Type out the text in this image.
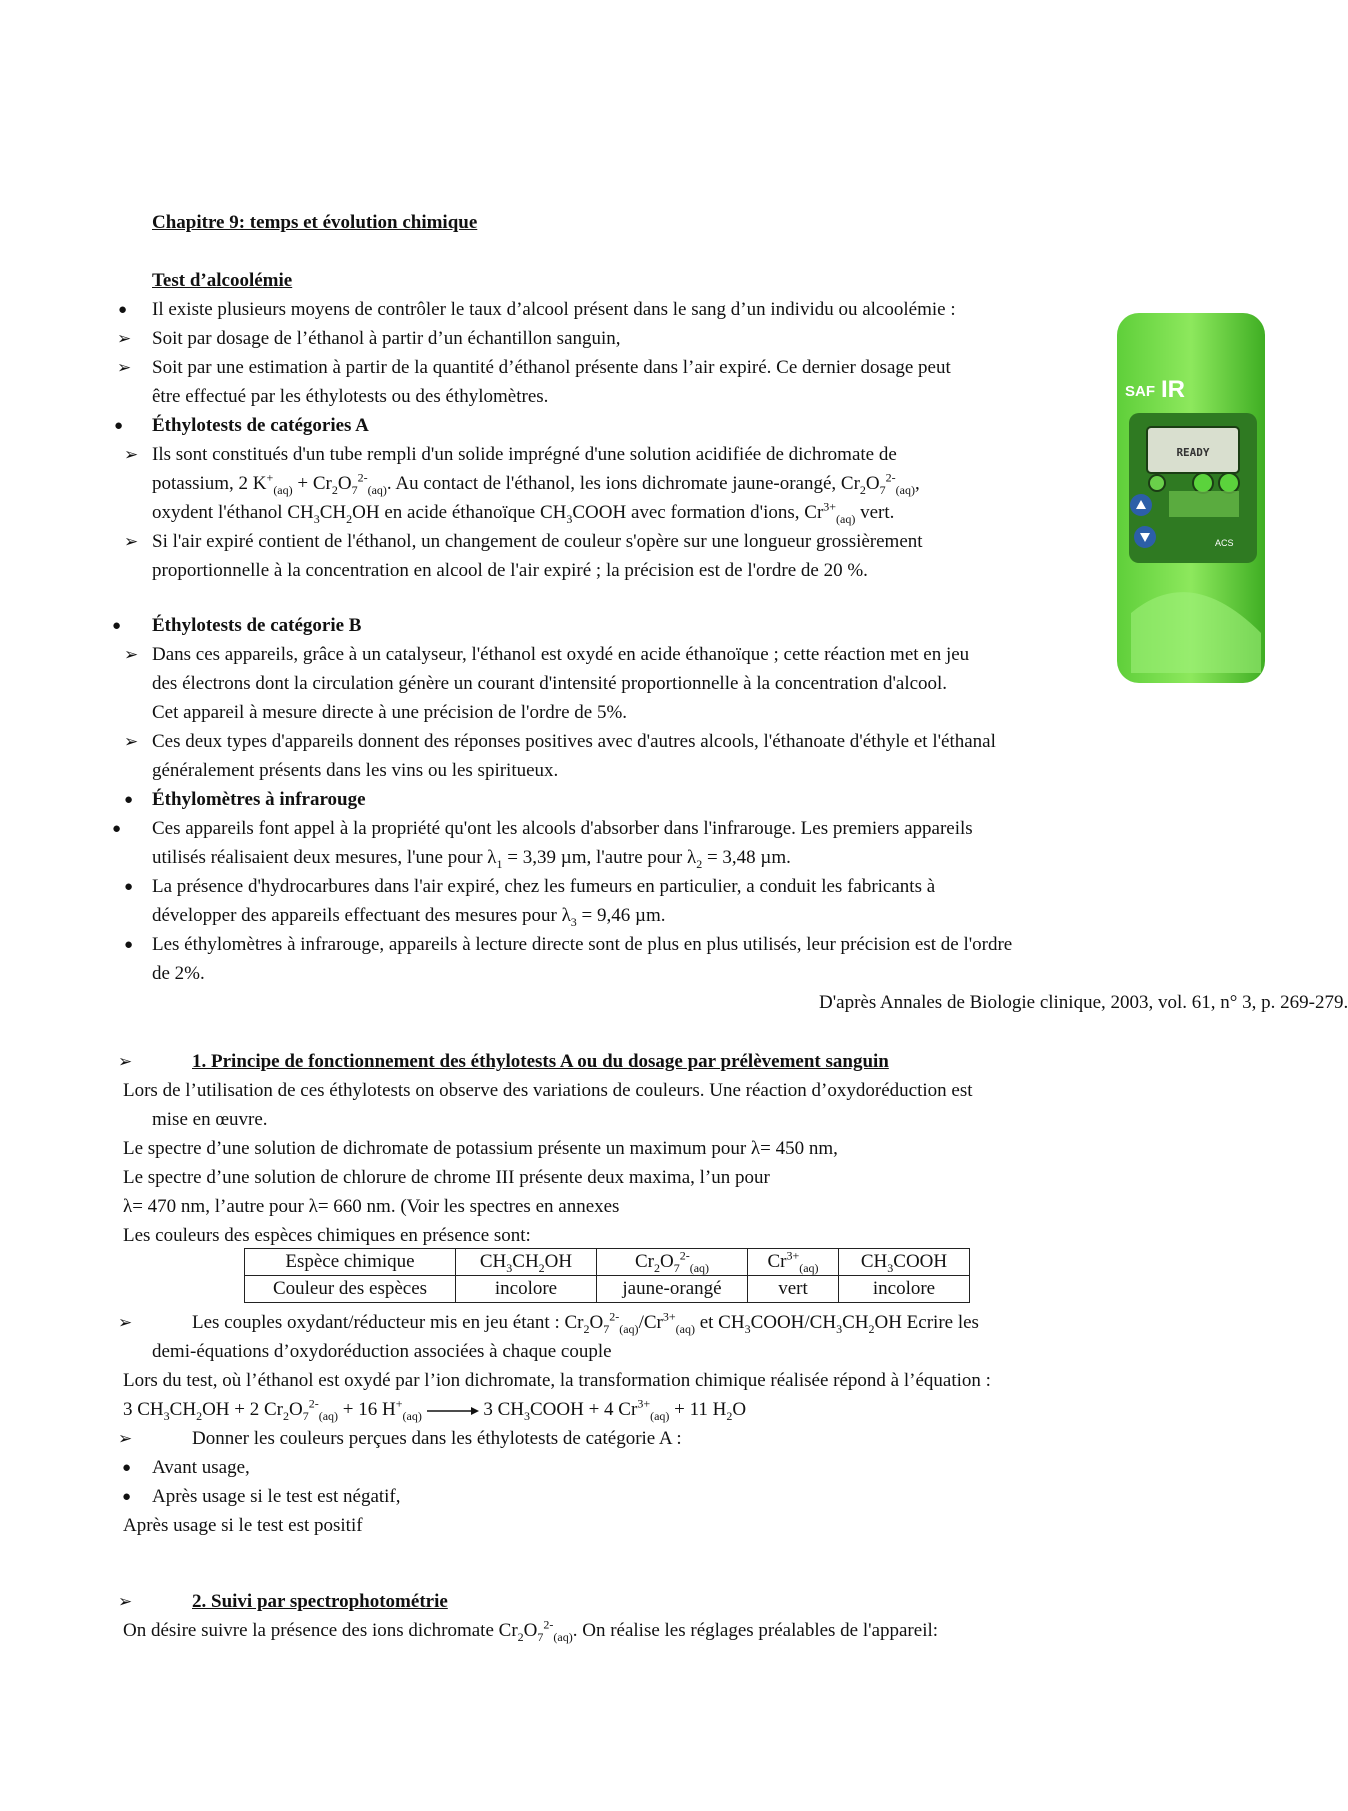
Chapitre 9: temps et évolution chimique
Test d’alcoolémie
● Il existe plusieurs moyens de contrôler le taux d’alcool présent dans le sang d’un individu ou alcoolémie :
➢ Soit par dosage de l’éthanol à partir d’un échantillon sanguin,
➢ Soit par une estimation à partir de la quantité d’éthanol présente dans l’air expiré. Ce dernier dosage peut
être effectué par les éthylotests ou des éthylomètres.
● Éthylotests de catégories A
➢ Ils sont constitués d'un tube rempli d'un solide imprégné d'une solution acidifiée de dichromate de
potassium, 2 $K^+_{(aq)} + Cr_2O_7^{2-}_{(aq)}$. Au contact de l'éthanol, les ions dichromate jaune-orangé, $Cr_2O_7^{2-}_{(aq)}$,
oxydent l'éthanol $CH_3CH_2OH$ en acide éthanoïque $CH_3COOH$ avec formation d'ions, $Cr^{3+}_{(aq)}$ vert.
➢ Si l'air expiré contient de l'éthanol, un changement de couleur s'opère sur une longueur grossièrement
proportionnelle à la concentration en alcool de l'air expiré ; la précision est de l'ordre de 20 %.
● Éthylotests de catégorie B
➢ Dans ces appareils, grâce à un catalyseur, l'éthanol est oxydé en acide éthanoïque ; cette réaction met en jeu
des électrons dont la circulation génère un courant d'intensité proportionnelle à la concentration d'alcool.
Cet appareil à mesure directe à une précision de l'ordre de 5%.
➢ Ces deux types d'appareils donnent des réponses positives avec d'autres alcools, l'éthanoate d'éthyle et l'éthanal
généralement présents dans les vins ou les spiritueux.
● Éthylomètres à infrarouge
● Ces appareils font appel à la propriété qu'ont les alcools d'absorber dans l'infrarouge. Les premiers appareils
utilisés réalisaient deux mesures, l'une pour $\lambda_1 = 3,39$ µm, l'autre pour $\lambda_2 = 3,48$ µm.
● La présence d'hydrocarbures dans l'air expiré, chez les fumeurs en particulier, a conduit les fabricants à
développer des appareils effectuant des mesures pour $\lambda_3 = 9,46$ µm.
● Les éthylomètres à infrarouge, appareils à lecture directe sont de plus en plus utilisés, leur précision est de l'ordre
de 2%.
D'après Annales de Biologie clinique, 2003, vol. 61, n° 3, p. 269-279.
➢	1. Principe de fonctionnement des éthylotests A ou du dosage par prélèvement sanguin
Lors de l’utilisation de ces éthylotests on observe des variations de couleurs. Une réaction d’oxydoréduction est
mise en œuvre.
Le spectre d’une solution de dichromate de potassium présente un maximum pour λ= 450 nm,
Le spectre d’une solution de chlorure de chrome III présente deux maxima, l’un pour
λ= 470 nm, l’autre pour λ= 660 nm. (Voir les spectres en annexes
Les couleurs des espèces chimiques en présence sont:
Espèce chimique	$CH_3CH_2OH$	$Cr_2O_7^{2-}_{(aq)}$	$Cr^{3+}_{(aq)}$	$CH_3COOH$
Couleur des espèces	incolore	jaune-orangé	vert	incolore
➢	Les couples oxydant/réducteur mis en jeu étant : $Cr_2O_7^{2-}_{(aq)}/Cr^{3+}_{(aq)}$ et $CH_3COOH/CH_3CH_2OH$ Ecrire les
demi-équations d’oxydoréduction associées à chaque couple
Lors du test, où l’éthanol est oxydé par l’ion dichromate, la transformation chimique réalisée répond à l’équation :
3 $CH_3CH_2OH + 2$ $Cr_2O_7^{2-}_{(aq)} + 16$ $H^+_{(aq)} \to 3$ $CH_3COOH + 4$ $Cr^{3+}_{(aq)} + 11$ $H_2O$
➢	Donner les couleurs perçues dans les éthylotests de catégorie A :
● Avant usage,
● Après usage si le test est négatif,
Après usage si le test est positif
➢	2. Suivi par spectrophotométrie
On désire suivre la présence des ions dichromate $Cr_2O_7^{2-}_{(aq)}$. On réalise les réglages préalables de l'appareil:
SAF IR
READY
ACS
